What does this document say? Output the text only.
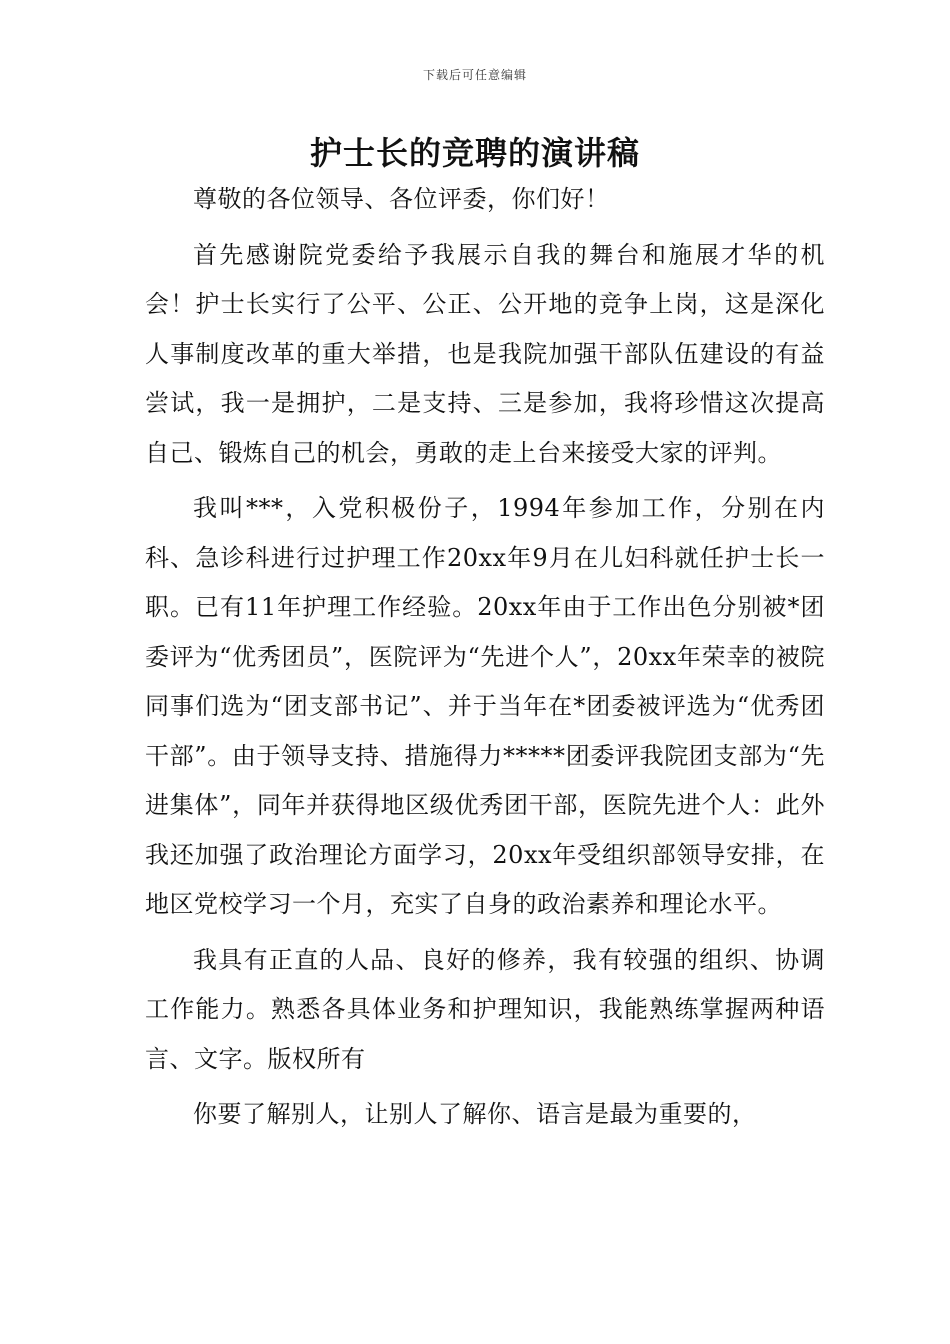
下载后可任意编辑
护士长的竞聘的演讲稿

尊敬的各位领导、各位评委，你们好！

首先感谢院党委给予我展示自我的舞台和施展才华的机会！护士长实行了公平、公正、公开地的竞争上岗，这是深化人事制度改革的重大举措，也是我院加强干部队伍建设的有益尝试，我一是拥护，二是支持、三是参加，我将珍惜这次提高自己、锻炼自己的机会，勇敢的走上台来接受大家的评判。

我叫***，入党积极份子，1994年参加工作，分别在内科、急诊科进行过护理工作20xx年9月在儿妇科就任护士长一职。已有11年护理工作经验。20xx年由于工作出色分别被*团委评为“优秀团员”，医院评为“先进个人”，20xx年荣幸的被院同事们选为“团支部书记”、并于当年在*团委被评选为“优秀团干部”。由于领导支持、措施得力*****团委评我院团支部为“先进集体”，同年并获得地区级优秀团干部，医院先进个人：此外我还加强了政治理论方面学习，20xx年受组织部领导安排，在地区党校学习一个月，充实了自身的政治素养和理论水平。

我具有正直的人品、良好的修养，我有较强的组织、协调工作能力。熟悉各具体业务和护理知识，我能熟练掌握两种语言、文字。版权所有

你要了解别人，让别人了解你、语言是最为重要的，
